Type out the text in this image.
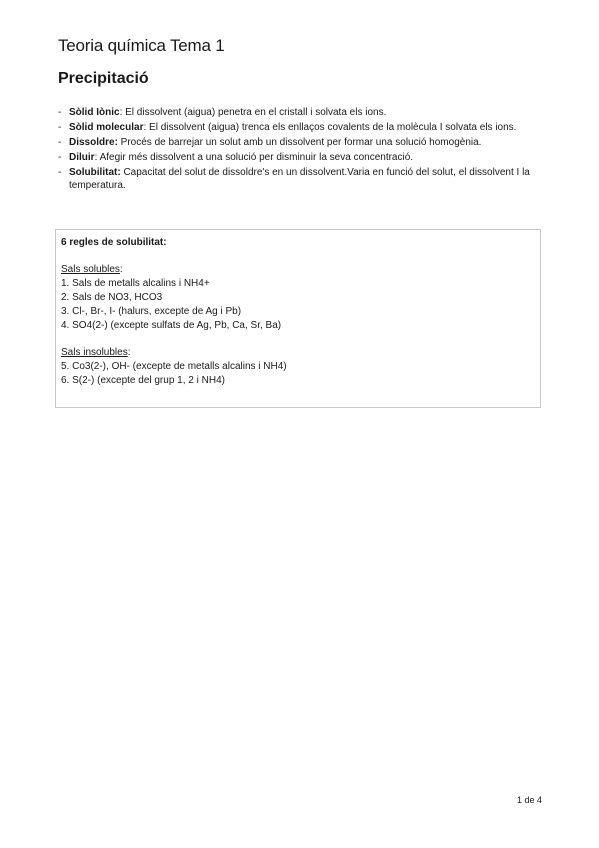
Teoria química Tema 1
Precipitació
- Sòlid Iònic: El dissolvent (aigua) penetra en el cristall i solvata els ions.
- Sòlid molecular: El dissolvent (aigua) trenca els enllaços covalents de la molècula I solvata els ions.
- Dissoldre: Procés de barrejar un solut amb un dissolvent per formar una solució homogènia.
- Diluir: Afegir més dissolvent a una solució per disminuir la seva concentració.
- Solubilitat: Capacitat del solut de dissoldre's en un dissolvent.Varia en funció del solut, el dissolvent I la temperatura.
6 regles de solubilitat:
Sals solubles:
1. Sals de metalls alcalins i NH4+
2. Sals de NO3, HCO3
3. Cl-, Br-, I- (halurs, excepte de Ag i Pb)
4. SO4(2-) (excepte sulfats de Ag, Pb, Ca, Sr, Ba)
Sals insolubles:
5. Co3(2-), OH- (excepte de metalls alcalins i NH4)
6. S(2-) (excepte del grup 1, 2 i NH4)
1 de 4
